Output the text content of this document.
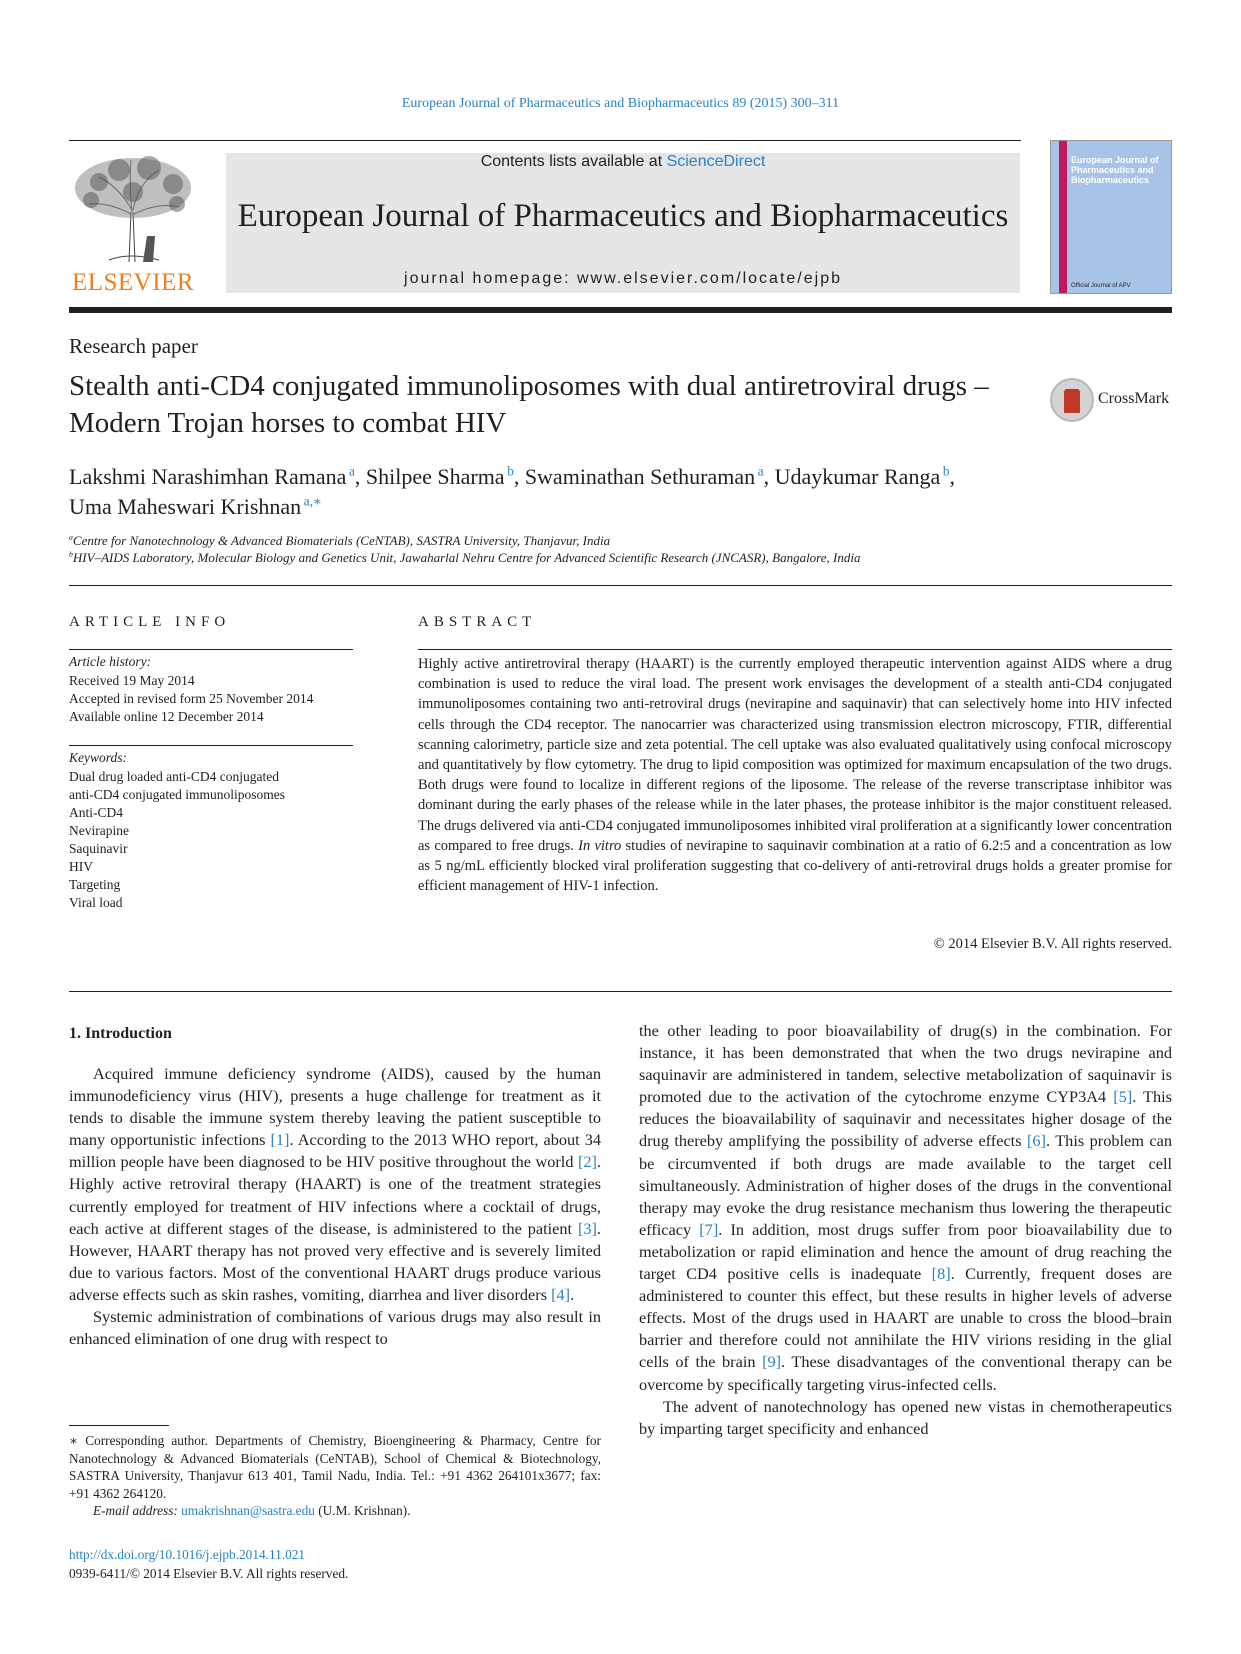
European Journal of Pharmaceutics and Biopharmaceutics 89 (2015) 300–311
ELSEVIER
Contents lists available at ScienceDirect
European Journal of Pharmaceutics and Biopharmaceutics
journal homepage: www.elsevier.com/locate/ejpb
European Journal of Pharmaceutics and Biopharmaceutics
Official Journal of APV
Research paper
Stealth anti-CD4 conjugated immunoliposomes with dual antiretroviral drugs – Modern Trojan horses to combat HIV
CrossMark
Lakshmi Narashimhan Ramana $^a$, Shilpee Sharma $^b$, Swaminathan Sethuraman $^a$, Udaykumar Ranga $^b$,
Uma Maheswari Krishnan $^{a,∗}$
$^a$Centre for Nanotechnology & Advanced Biomaterials (CeNTAB), SASTRA University, Thanjavur, India
$^b$HIV–AIDS Laboratory, Molecular Biology and Genetics Unit, Jawaharlal Nehru Centre for Advanced Scientific Research (JNCASR), Bangalore, India
ARTICLE INFO
Article history:
Received 19 May 2014
Accepted in revised form 25 November 2014
Available online 12 December 2014
Keywords:
Dual drug loaded anti-CD4 conjugated
anti-CD4 conjugated immunoliposomes
Anti-CD4
Nevirapine
Saquinavir
HIV
Targeting
Viral load
ABSTRACT
Highly active antiretroviral therapy (HAART) is the currently employed therapeutic intervention against AIDS where a drug combination is used to reduce the viral load. The present work envisages the development of a stealth anti-CD4 conjugated immunoliposomes containing two anti-retroviral drugs (nevirapine and saquinavir) that can selectively home into HIV infected cells through the CD4 receptor. The nanocarrier was characterized using transmission electron microscopy, FTIR, differential scanning calorimetry, particle size and zeta potential. The cell uptake was also evaluated qualitatively using confocal microscopy and quantitatively by flow cytometry. The drug to lipid composition was optimized for maximum encapsulation of the two drugs. Both drugs were found to localize in different regions of the liposome. The release of the reverse transcriptase inhibitor was dominant during the early phases of the release while in the later phases, the protease inhibitor is the major constituent released. The drugs delivered via anti-CD4 conjugated immunoliposomes inhibited viral proliferation at a significantly lower concentration as compared to free drugs. In vitro studies of nevirapine to saquinavir combination at a ratio of 6.2:5 and a concentration as low as 5 ng/mL efficiently blocked viral proliferation suggesting that co-delivery of anti-retroviral drugs holds a greater promise for efficient management of HIV-1 infection.
© 2014 Elsevier B.V. All rights reserved.
1. Introduction

Acquired immune deficiency syndrome (AIDS), caused by the human immunodeficiency virus (HIV), presents a huge challenge for treatment as it tends to disable the immune system thereby leaving the patient susceptible to many opportunistic infections [1]. According to the 2013 WHO report, about 34 million people have been diagnosed to be HIV positive throughout the world [2]. Highly active retroviral therapy (HAART) is one of the treatment strategies currently employed for treatment of HIV infections where a cocktail of drugs, each active at different stages of the disease, is administered to the patient [3]. However, HAART therapy has not proved very effective and is severely limited due to various factors. Most of the conventional HAART drugs produce various adverse effects such as skin rashes, vomiting, diarrhea and liver disorders [4].

Systemic administration of combinations of various drugs may also result in enhanced elimination of one drug with respect to

the other leading to poor bioavailability of drug(s) in the combination. For instance, it has been demonstrated that when the two drugs nevirapine and saquinavir are administered in tandem, selective metabolization of saquinavir is promoted due to the activation of the cytochrome enzyme CYP3A4 [5]. This reduces the bioavailability of saquinavir and necessitates higher dosage of the drug thereby amplifying the possibility of adverse effects [6]. This problem can be circumvented if both drugs are made available to the target cell simultaneously. Administration of higher doses of the drugs in the conventional therapy may evoke the drug resistance mechanism thus lowering the therapeutic efficacy [7]. In addition, most drugs suffer from poor bioavailability due to metabolization or rapid elimination and hence the amount of drug reaching the target CD4 positive cells is inadequate [8]. Currently, frequent doses are administered to counter this effect, but these results in higher levels of adverse effects. Most of the drugs used in HAART are unable to cross the blood–brain barrier and therefore could not annihilate the HIV virions residing in the glial cells of the brain [9]. These disadvantages of the conventional therapy can be overcome by specifically targeting virus-infected cells.

The advent of nanotechnology has opened new vistas in chemotherapeutics by imparting target specificity and enhanced

∗ Corresponding author. Departments of Chemistry, Bioengineering & Pharmacy, Centre for Nanotechnology & Advanced Biomaterials (CeNTAB), School of Chemical & Biotechnology, SASTRA University, Thanjavur 613 401, Tamil Nadu, India. Tel.: +91 4362 264101x3677; fax: +91 4362 264120.
E-mail address: umakrishnan@sastra.edu (U.M. Krishnan).
http://dx.doi.org/10.1016/j.ejpb.2014.11.021
0939-6411/© 2014 Elsevier B.V. All rights reserved.
